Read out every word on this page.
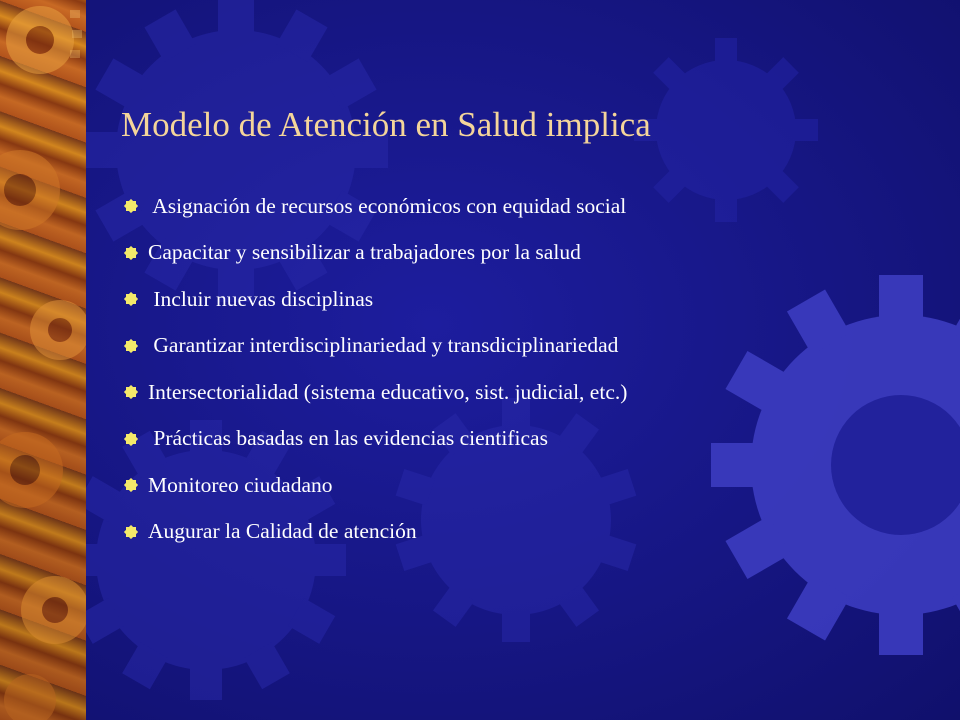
Modelo de Atención en Salud implica
Asignación de recursos económicos con equidad social
Capacitar y sensibilizar a trabajadores por la salud
Incluir nuevas disciplinas
Garantizar interdisciplinariedad y transdiciplinariedad
Intersectorialidad (sistema educativo, sist. judicial, etc.)
Prácticas basadas en las evidencias cientificas
Monitoreo ciudadano
Augurar la Calidad de atención
